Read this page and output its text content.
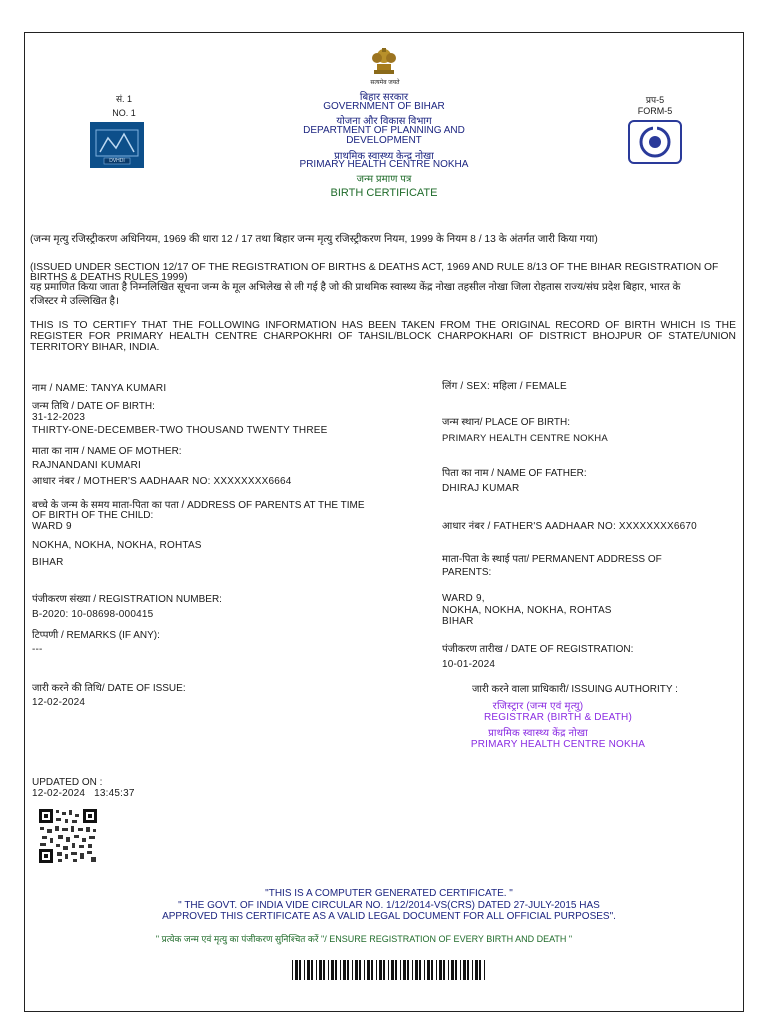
सत्यमेव जयते
बिहार सरकार
GOVERNMENT OF BIHAR
योजना और विकास विभाग
DEPARTMENT OF PLANNING AND
DEVELOPMENT
प्राथमिक स्वास्थ्य केन्द्र नोखा
PRIMARY HEALTH CENTRE NOKHA
जन्म प्रमाण पत्र
BIRTH CERTIFICATE
सं. 1
NO. 1
DVHDI
प्रप-5
FORM-5
(जन्म मृत्यु रजिस्ट्रीकरण अधिनियम, 1969 की धारा 12 / 17 तथा बिहार जन्म मृत्यु रजिस्ट्रीकरण नियम, 1999 के नियम 8 / 13 के अंतर्गत जारी किया गया)
(ISSUED UNDER SECTION 12/17 OF THE REGISTRATION OF BIRTHS & DEATHS ACT, 1969 AND RULE 8/13 OF THE BIHAR REGISTRATION OF
BIRTHS & DEATHS RULES 1999)
यह प्रमाणित किया जाता है निम्नलिखित सूचना जन्म के मूल अभिलेख से ली गई है जो की प्राथमिक स्वास्थ्य केंद्र नोखा तहसील नोखा जिला रोहतास राज्य/संघ प्रदेश बिहार, भारत के
रजिस्टर मे उल्लिखित है।
THIS IS TO CERTIFY THAT THE FOLLOWING INFORMATION HAS BEEN TAKEN FROM THE ORIGINAL RECORD OF BIRTH WHICH IS THE REGISTER FOR PRIMARY HEALTH CENTRE CHARPOKHRI OF TAHSIL/BLOCK CHARPOKHARI OF DISTRICT BHOJPUR OF STATE/UNION TERRITORY BIHAR, INDIA.
नाम / NAME: TANYA KUMARI
जन्म तिथि / DATE OF BIRTH:
31-12-2023
THIRTY-ONE-DECEMBER-TWO THOUSAND TWENTY THREE
माता का नाम / NAME OF MOTHER:
RAJNANDANI KUMARI
आधार नंबर / MOTHER'S AADHAAR NO: XXXXXXXX6664
बच्चे के जन्म के समय माता-पिता का पता / ADDRESS OF PARENTS AT THE TIME
OF BIRTH OF THE CHILD:
WARD 9
NOKHA, NOKHA, NOKHA, ROHTAS
BIHAR
पंजीकरण संख्या / REGISTRATION NUMBER:
B-2020: 10-08698-000415
टिप्पणी / REMARKS (IF ANY):
---
जारी करने की तिथि/ DATE OF ISSUE:
12-02-2024
लिंग / SEX: महिला / FEMALE
जन्म स्थान/ PLACE OF BIRTH:
PRIMARY HEALTH CENTRE NOKHA
पिता का नाम / NAME OF FATHER:
DHIRAJ KUMAR
आधार नंबर / FATHER'S AADHAAR NO: XXXXXXXX6670
माता-पिता के स्थाई पता/ PERMANENT ADDRESS OF
PARENTS:
WARD 9,
NOKHA, NOKHA, NOKHA, ROHTAS
BIHAR
पंजीकरण तारीख / DATE OF REGISTRATION:
10-01-2024
जारी करने वाला प्राधिकारी/ ISSUING AUTHORITY :
रजिस्ट्रार (जन्म एवं मृत्यु)
REGISTRAR (BIRTH & DEATH)
प्राथमिक स्वास्थ्य केंद्र नोखा
PRIMARY HEALTH CENTRE NOKHA
UPDATED ON :
12-02-2024   13:45:37
"THIS IS A COMPUTER GENERATED CERTIFICATE. "
" THE GOVT. OF INDIA VIDE CIRCULAR NO. 1/12/2014-VS(CRS) DATED 27-JULY-2015 HAS
APPROVED THIS CERTIFICATE AS A VALID LEGAL DOCUMENT FOR ALL OFFICIAL PURPOSES".
" प्रत्येक जन्म एवं मृत्यु का पंजीकरण सुनिश्चित करें "/ ENSURE REGISTRATION OF EVERY BIRTH AND DEATH "
